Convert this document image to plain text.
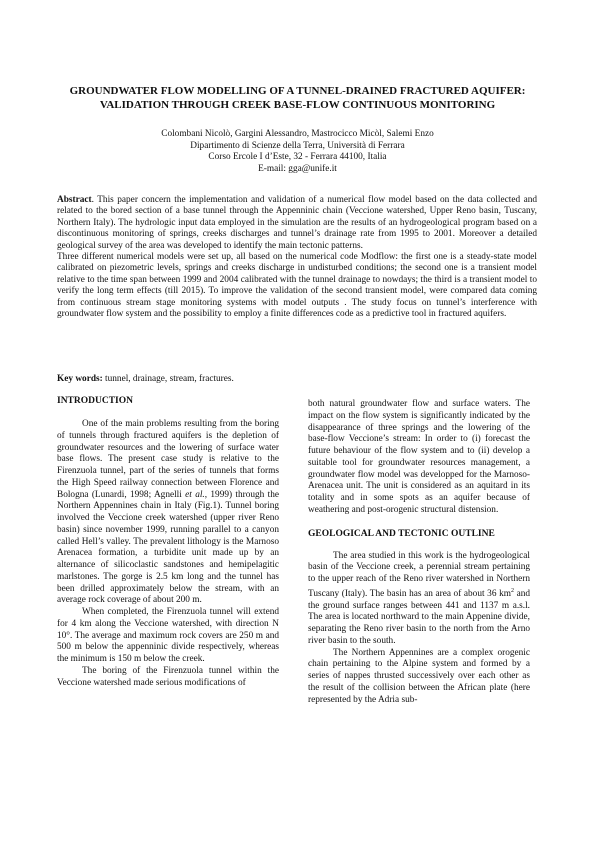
GROUNDWATER FLOW MODELLING OF A TUNNEL-DRAINED FRACTURED AQUIFER:
VALIDATION THROUGH CREEK BASE-FLOW CONTINUOUS MONITORING
Colombani Nicolò, Gargini Alessandro, Mastrocicco Micòl, Salemi Enzo
Dipartimento di Scienze della Terra, Università di Ferrara
Corso Ercole I d’Este, 32 - Ferrara 44100, Italia
E-mail: gga@unife.it

Abstract. This paper concern the implementation and validation of a numerical flow model based on the data collected and related to the bored section of a base tunnel through the Appenninic chain (Veccione watershed, Upper Reno basin, Tuscany, Northern Italy). The hydrologic input data employed in the simulation are the results of an hydrogeological program based on a discontinuous monitoring of springs, creeks discharges and tunnel’s drainage rate from 1995 to 2001. Moreover a detailed geological survey of the area was developed to identify the main tectonic patterns.

Three different numerical models were set up, all based on the numerical code Modflow: the first one is a steady-state model calibrated on piezometric levels, springs and creeks discharge in undisturbed conditions; the second one is a transient model relative to the time span between 1999 and 2004 calibrated with the tunnel drainage to nowdays; the third is a transient model to verify the long term effects (till 2015). To improve the validation of the second transient model, were compared data coming from continuous stream stage monitoring systems with model outputs . The study focus on tunnel’s interference with groundwater flow system and the possibility to employ a finite differences code as a predictive tool in fractured aquifers.

Key words: tunnel, drainage, stream, fractures.
INTRODUCTION

One of the main problems resulting from the boring of tunnels through fractured aquifers is the depletion of groundwater resources and the lowering of surface water base flows. The present case study is relative to the Firenzuola tunnel, part of the series of tunnels that forms the High Speed railway connection between Florence and Bologna (Lunardi, 1998; Agnelli et al., 1999) through the Northern Appennines chain in Italy (Fig.1). Tunnel boring involved the Veccione creek watershed (upper river Reno basin) since november 1999, running parallel to a canyon called Hell’s valley. The prevalent lithology is the Marnoso Arenacea formation, a turbidite unit made up by an alternance of silicoclastic sandstones and hemipelagitic marlstones. The gorge is 2.5 km long and the tunnel has been drilled approximately below the stream, with an average rock coverage of about 200 m.

When completed, the Firenzuola tunnel will extend for 4 km along the Veccione watershed, with direction N 10°. The average and maximum rock covers are 250 m and 500 m below the appenninic divide respectively, whereas the minimum is 150 m below the creek.

The boring of the Firenzuola tunnel within the Veccione watershed made serious modifications of

both natural groundwater flow and surface waters. The impact on the flow system is significantly indicated by the disappearance of three springs and the lowering of the base-flow Veccione’s stream: In order to (i) forecast the future behaviour of the flow system and to (ii) develop a suitable tool for groundwater resources management, a groundwater flow model was developped for the Marnoso-Arenacea unit. The unit is considered as an aquitard in its totality and in some spots as an aquifer because of weathering and post-orogenic structural distension.

GEOLOGICAL AND TECTONIC OUTLINE

The area studied in this work is the hydrogeological basin of the Veccione creek, a perennial stream pertaining to the upper reach of the Reno river watershed in Northern Tuscany (Italy). The basin has an area of about 36 $km^2$ and the ground surface ranges between 441 and 1137 m a.s.l. The area is located northward to the main Appenine divide, separating the Reno river basin to the north from the Arno river basin to the south.

The Northern Appennines are a complex orogenic chain pertaining to the Alpine system and formed by a series of nappes thrusted successively over each other as the result of the collision between the African plate (here represented by the Adria sub-
